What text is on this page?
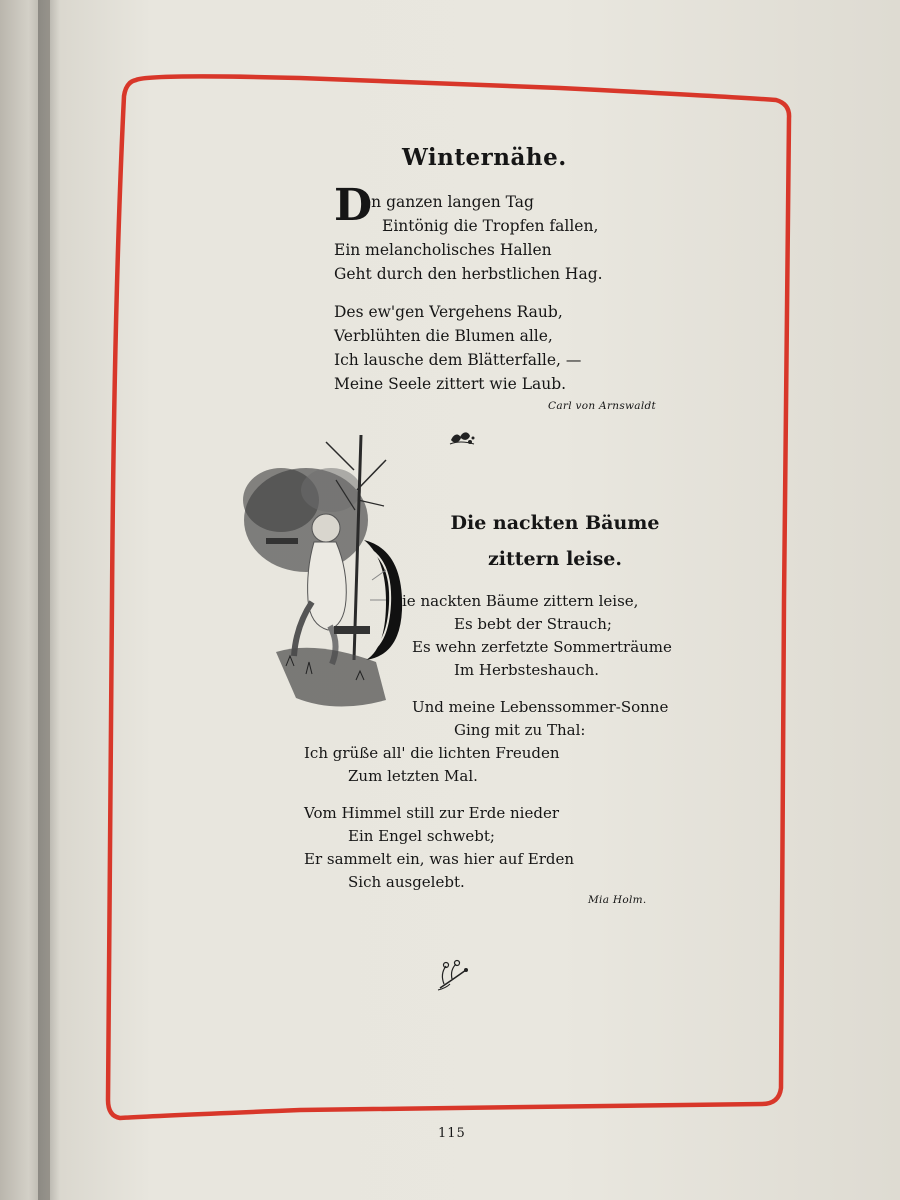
Winternähe.
D
en ganzen langen Tag
Eintönig die Tropfen fallen,
Ein melancholisches Hallen
Geht durch den herbstlichen Hag.
Des ew'gen Vergehens Raub,
Verblühten die Blumen alle,
Ich lausche dem Blätterfalle, —
Meine Seele zittert wie Laub.
Carl von Arnswaldt
Die nackten Bäume
zittern leise.
ie nackten Bäume zittern leise,
Es bebt der Strauch;
Es wehn zerfetzte Sommerträume
Im Herbsteshauch.
Und meine Lebenssommer-Sonne
Ging mit zu Thal:
Ich grüße all' die lichten Freuden
Zum letzten Mal.
Vom Himmel still zur Erde nieder
Ein Engel schwebt;
Er sammelt ein, was hier auf Erden
Sich ausgelebt.
Mia Holm.
115
